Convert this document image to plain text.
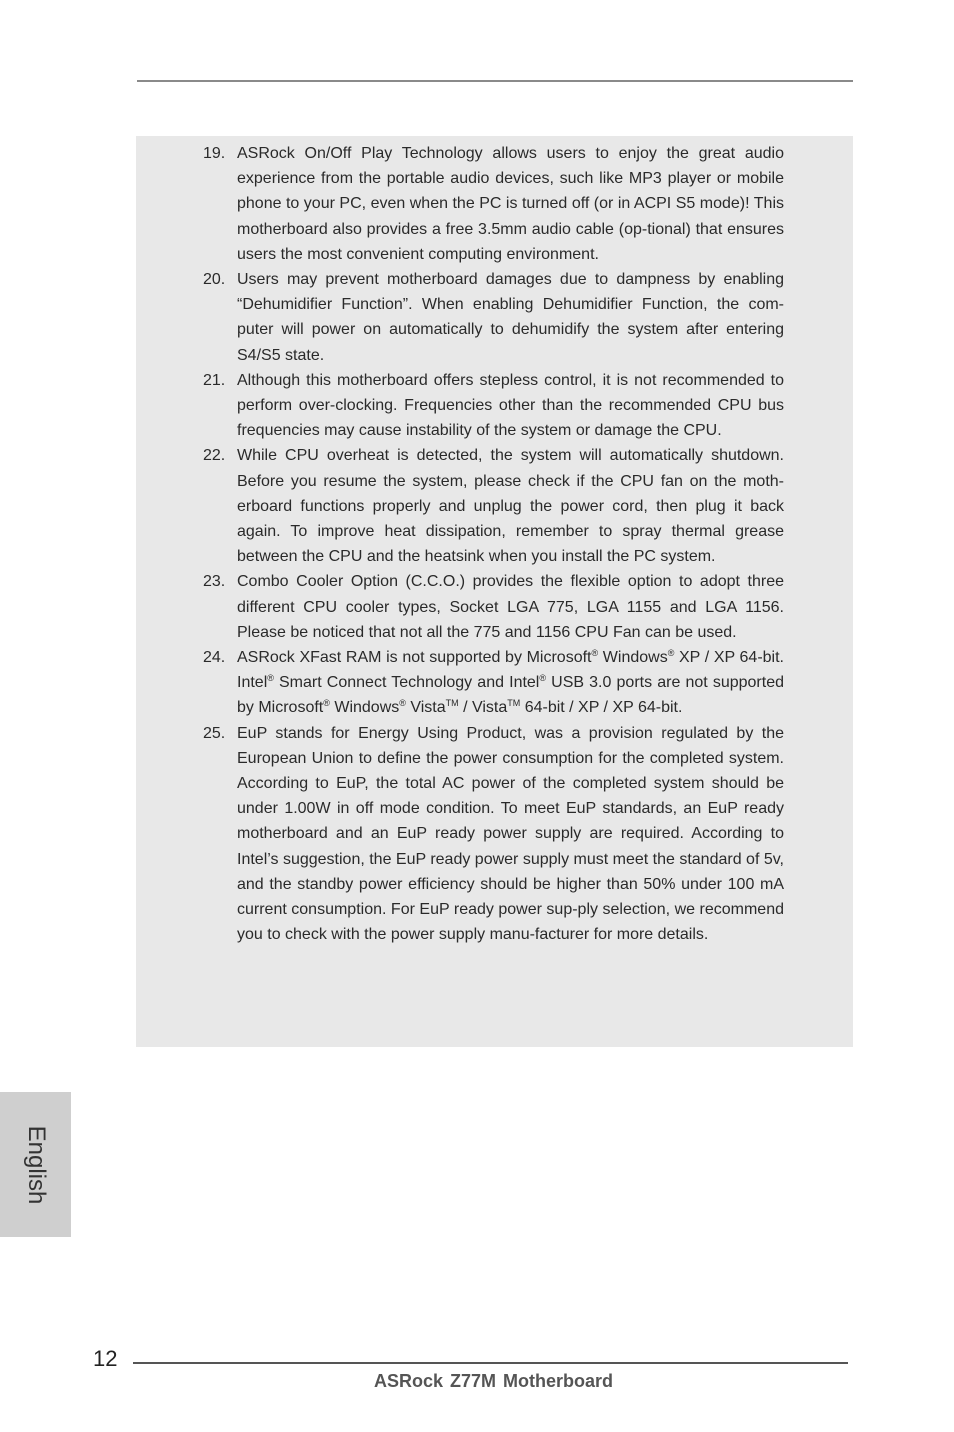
19. ASRock On/Off Play Technology allows users to enjoy the great audio experience from the portable audio devices, such like MP3 player or mobile phone to your PC, even when the PC is turned off (or in ACPI S5 mode)! This motherboard also provides a free 3.5mm audio cable (op-tional) that ensures users the most convenient computing environment.
20. Users may prevent motherboard damages due to dampness by enabling “Dehumidifier Function”. When enabling Dehumidifier Function, the com-puter will power on automatically to dehumidify the system after entering S4/S5 state.
21. Although this motherboard offers stepless control, it is not recommended to perform over-clocking. Frequencies other than the recommended CPU bus frequencies may cause instability of the system or damage the CPU.
22. While CPU overheat is detected, the system will automatically shutdown. Before you resume the system, please check if the CPU fan on the moth-erboard functions properly and unplug the power cord, then plug it back again. To improve heat dissipation, remember to spray thermal grease between the CPU and the heatsink when you install the PC system.
23. Combo Cooler Option (C.C.O.) provides the flexible option to adopt three different CPU cooler types, Socket LGA 775, LGA 1155 and LGA 1156. Please be noticed that not all the 775 and 1156 CPU Fan can be used.
24. ASRock XFast RAM is not supported by Microsoft® Windows® XP / XP 64-bit. Intel® Smart Connect Technology and Intel® USB 3.0 ports are not supported by Microsoft® Windows® Vista™ / Vista™ 64-bit / XP / XP 64-bit.
25. EuP stands for Energy Using Product, was a provision regulated by the European Union to define the power consumption for the completed system. According to EuP, the total AC power of the completed system should be under 1.00W in off mode condition. To meet EuP standards, an EuP ready motherboard and an EuP ready power supply are required. According to Intel’s suggestion, the EuP ready power supply must meet the standard of 5v, and the standby power efficiency should be higher than 50% under 100 mA current consumption. For EuP ready power sup-ply selection, we recommend you to check with the power supply manu-facturer for more details.
English
12
ASRock Z77M Motherboard
